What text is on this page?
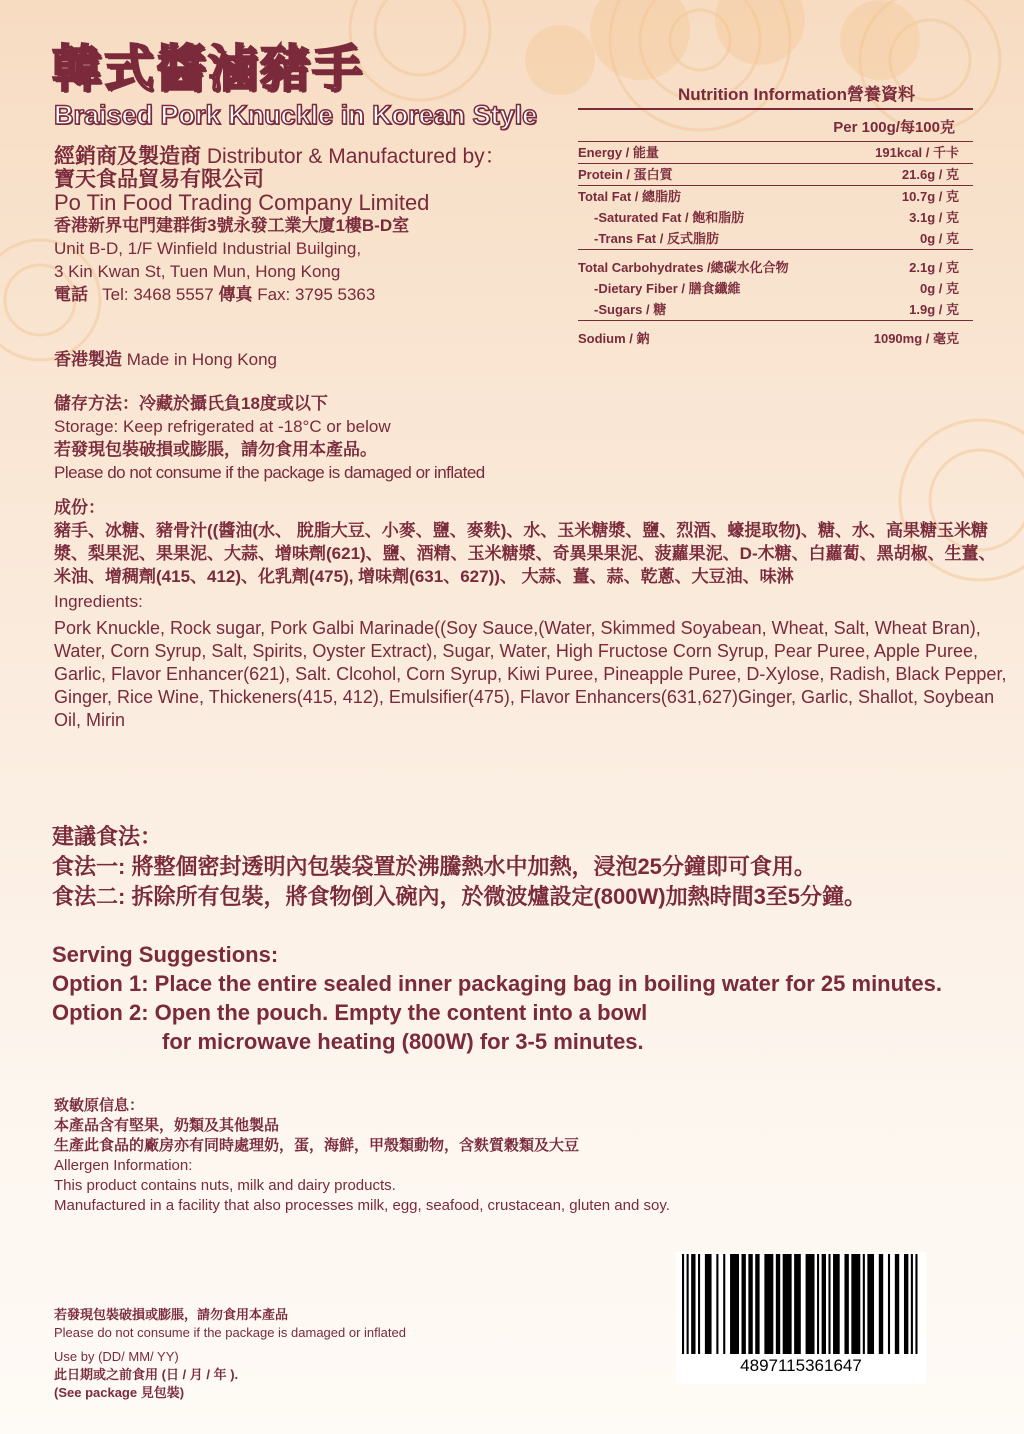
韓式醬滷豬手
Braised Pork Knuckle in Korean Style
經銷商及製造商 Distributor & Manufactured by：
寶天食品貿易有限公司
Po Tin Food Trading Company Limited
香港新界屯門建群街3號永發工業大廈1樓B-D室
Unit B-D, 1/F Winfield Industrial Builging,
3 Kin Kwan St, Tuen Mun, Hong Kong
電話 Tel: 3468 5557 傳真 Fax: 3795 5363
香港製造 Made in Hong Kong
儲存方法：冷藏於攝氏負18度或以下
Storage: Keep refrigerated at -18°C or below
若發現包裝破損或膨脹，請勿食用本產品。
Please do not consume if the package is damaged or inflated
成份：
豬手、冰糖、豬骨汁((醬油(水、 脫脂大豆、小麥、鹽、麥麩)、水、玉米糖漿、鹽、烈酒、蠔提取物)、糖、水、高果糖玉米糖漿、梨果泥、果果泥、大蒜、增味劑(621)、鹽、酒精、玉米糖漿、奇異果果泥、菠蘿果泥、D-木糖、白蘿蔔、黑胡椒、生薑、米油、增稠劑(415、412)、化乳劑(475), 增味劑(631、627))、 大蒜、薑、蒜、乾蔥、大豆油、味淋
Ingredients:
Pork Knuckle, Rock sugar, Pork Galbi Marinade((Soy Sauce,(Water, Skimmed Soyabean, Wheat, Salt, Wheat Bran), Water, Corn Syrup, Salt, Spirits, Oyster Extract), Sugar, Water, High Fructose Corn Syrup, Pear Puree, Apple Puree, Garlic, Flavor Enhancer(621), Salt. Clcohol, Corn Syrup, Kiwi Puree, Pineapple Puree, D-Xylose, Radish, Black Pepper, Ginger, Rice Wine, Thickeners(415, 412), Emulsifier(475), Flavor Enhancers(631,627)Ginger, Garlic, Shallot, Soybean Oil, Mirin
建議食法：
食法一: 將整個密封透明內包裝袋置於沸騰熱水中加熱，浸泡25分鐘即可食用。
食法二: 拆除所有包裝，將食物倒入碗內，於微波爐設定(800W)加熱時間3至5分鐘。
Serving Suggestions:
Option 1: Place the entire sealed inner packaging bag in boiling water for 25 minutes.
Option 2: Open the pouch. Empty the content into a bowl
for microwave heating (800W) for 3-5 minutes.
致敏原信息：
本產品含有堅果，奶類及其他製品
生產此食品的廠房亦有同時處理奶，蛋，海鮮，甲殼類動物，含麩質穀類及大豆
Allergen Information:
This product contains nuts, milk and dairy products.
Manufactured in a facility that also processes milk, egg, seafood, crustacean, gluten and soy.
若發現包裝破損或膨脹，請勿食用本產品
Please do not consume if the package is damaged or inflated
Use by (DD/ MM/ YY)
此日期或之前食用 (日 / 月 / 年 ).
(See package 見包裝)
Nutrition Information營養資料
Per 100g/每100克
Energy / 能量	191kcal / 千卡
Protein / 蛋白質	21.6g / 克
Total Fat / 總脂肪	10.7g / 克
-Saturated Fat / 飽和脂肪	3.1g / 克
-Trans Fat / 反式脂肪	0g / 克
Total Carbohydrates /總碳水化合物	2.1g / 克
-Dietary Fiber / 膳食纖維	0g / 克
-Sugars / 糖	1.9g / 克
Sodium / 鈉	1090mg / 毫克
4897115361647
